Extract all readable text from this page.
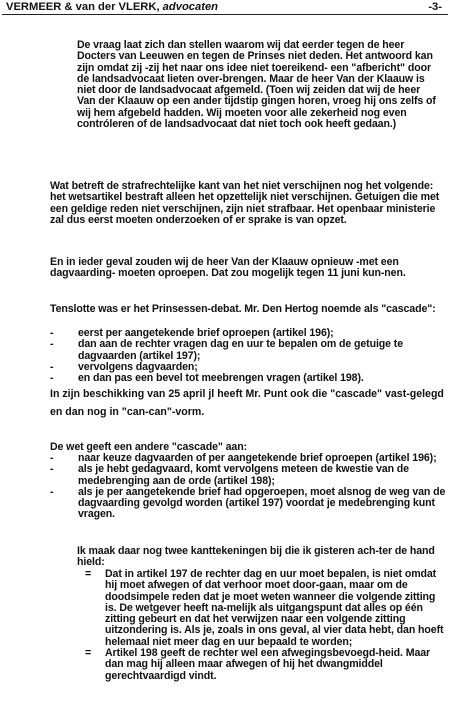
VERMEER & van der VLERK, advocaten	-3-

De vraag laat zich dan stellen waarom wij dat eerder tegen de heer Docters van Leeuwen en tegen de Prinses niet deden. Het antwoord kan zijn omdat zij -zij het naar ons idee niet toereikend- een "afbericht" door de landsadvocaat lieten over-brengen. Maar de heer Van der Klaauw is niet door de landsadvocaat afgemeld. (Toen wij zeiden dat wij de heer Van der Klaauw op een ander tijdstip gingen horen, vroeg hij ons zelfs of wij hem afgebeld hadden. Wij moeten voor alle zekerheid nog even contróleren of de landsadvocaat dat niet toch ook heeft gedaan.)

Wat betreft de strafrechtelijke kant van het niet verschijnen nog het volgende: het wetsartikel bestraft alleen het opzettelijk niet verschijnen. Getuigen die met een geldige reden niet verschijnen, zijn niet strafbaar. Het openbaar ministerie zal dus eerst moeten onderzoeken of er sprake is van opzet.

En in ieder geval zouden wij de heer Van der Klaauw opnieuw -met een dagvaarding- moeten oproepen. Dat zou mogelijk tegen 11 juni kun-nen.

Tenslotte was er het Prinsessen-debat. Mr. Den Hertog noemde als "cascade":

-	eerst per aangetekende brief oproepen (artikel 196);
-	dan aan de rechter vragen dag en uur te bepalen om de getuige te dagvaarden (artikel 197);
-	vervolgens dagvaarden;
-	en dan pas een bevel tot meebrengen vragen (artikel 198).
In zijn beschikking van 25 april jl heeft Mr. Punt ook die "cascade" vast-gelegd en dan nog in "can-can"-vorm.

De wet geeft een andere "cascade" aan:

-	naar keuze dagvaarden of per aangetekende brief oproepen (artikel 196);
-	als je hebt gedagvaard, komt vervolgens meteen de kwestie van de medebrenging aan de orde (artikel 198);
-	als je per aangetekende brief had opgeroepen, moet alsnog de weg van de dagvaarding gevolgd worden (artikel 197) voordat je medebrenging kunt vragen.

Ik maak daar nog twee kanttekeningen bij die ik gisteren ach-ter de hand hield:

=	Dat in artikel 197 de rechter dag en uur moet bepalen, is niet omdat hij moet afwegen of dat verhoor moet door-gaan, maar om de doodsimpele reden dat je moet weten wanneer die volgende zitting is. De wetgever heeft na-melijk als uitgangspunt dat alles op één zitting gebeurt en dat het verwijzen naar een volgende zitting uitzondering is. Als je, zoals in ons geval, al vier data hebt, dan hoeft helemaal niet meer dag en uur bepaald te worden;
=	Artikel 198 geeft de rechter wel een afwegingsbevoegd-heid. Maar dan mag hij alleen maar afwegen of hij het dwangmiddel gerechtvaardigd vindt.
